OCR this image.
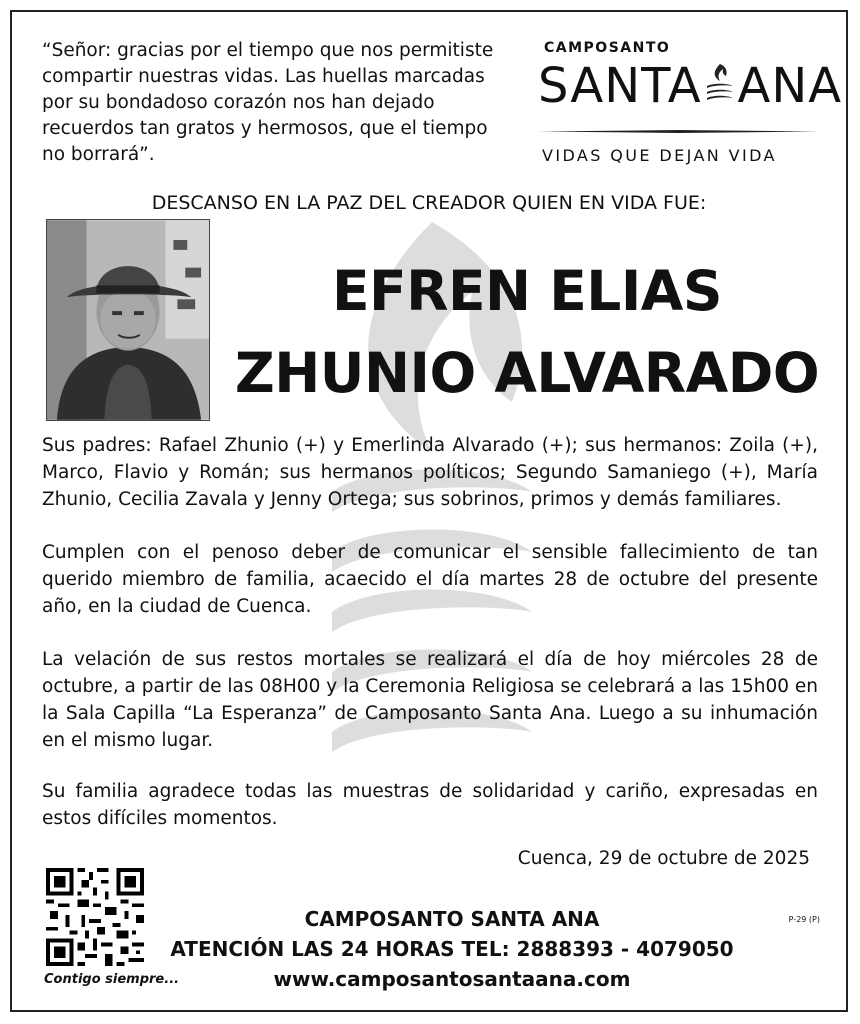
“Señor: gracias por el tiempo que nos permitiste compartir nuestras vidas. Las huellas marcadas por su bondadoso corazón nos han dejado recuerdos tan gratos y hermosos, que el tiempo no borrará”.
CAMPOSANTO
SANTA ANA
VIDAS QUE DEJAN VIDA
DESCANSO EN LA PAZ DEL CREADOR QUIEN EN VIDA FUE:
EFREN ELIAS
ZHUNIO ALVARADO
Sus padres: Rafael Zhunio (+) y Emerlinda Alvarado (+); sus hermanos: Zoila (+), Marco, Flavio y Román; sus hermanos políticos; Segundo Samaniego (+), María Zhunio, Cecilia Zavala y Jenny Ortega; sus sobrinos, primos y demás familiares.
Cumplen con el penoso deber de comunicar el sensible fallecimiento de tan querido miembro de familia, acaecido el día martes 28 de octubre del presente año, en la ciudad de Cuenca.
La velación de sus restos mortales se realizará el día de hoy miércoles 28 de octubre, a partir de las 08H00 y la Ceremonia Religiosa se celebrará a las 15h00 en la Sala Capilla “La Esperanza” de Camposanto Santa Ana. Luego a su inhumación en el mismo lugar.
Su familia agradece todas las muestras de solidaridad y cariño, expresadas en estos difíciles momentos.
Cuenca, 29 de octubre de 2025
Contigo siempre...
CAMPOSANTO SANTA ANA
ATENCIÓN LAS 24 HORAS TEL: 2888393 - 4079050
www.camposantosantaana.com
P-29 (P)
